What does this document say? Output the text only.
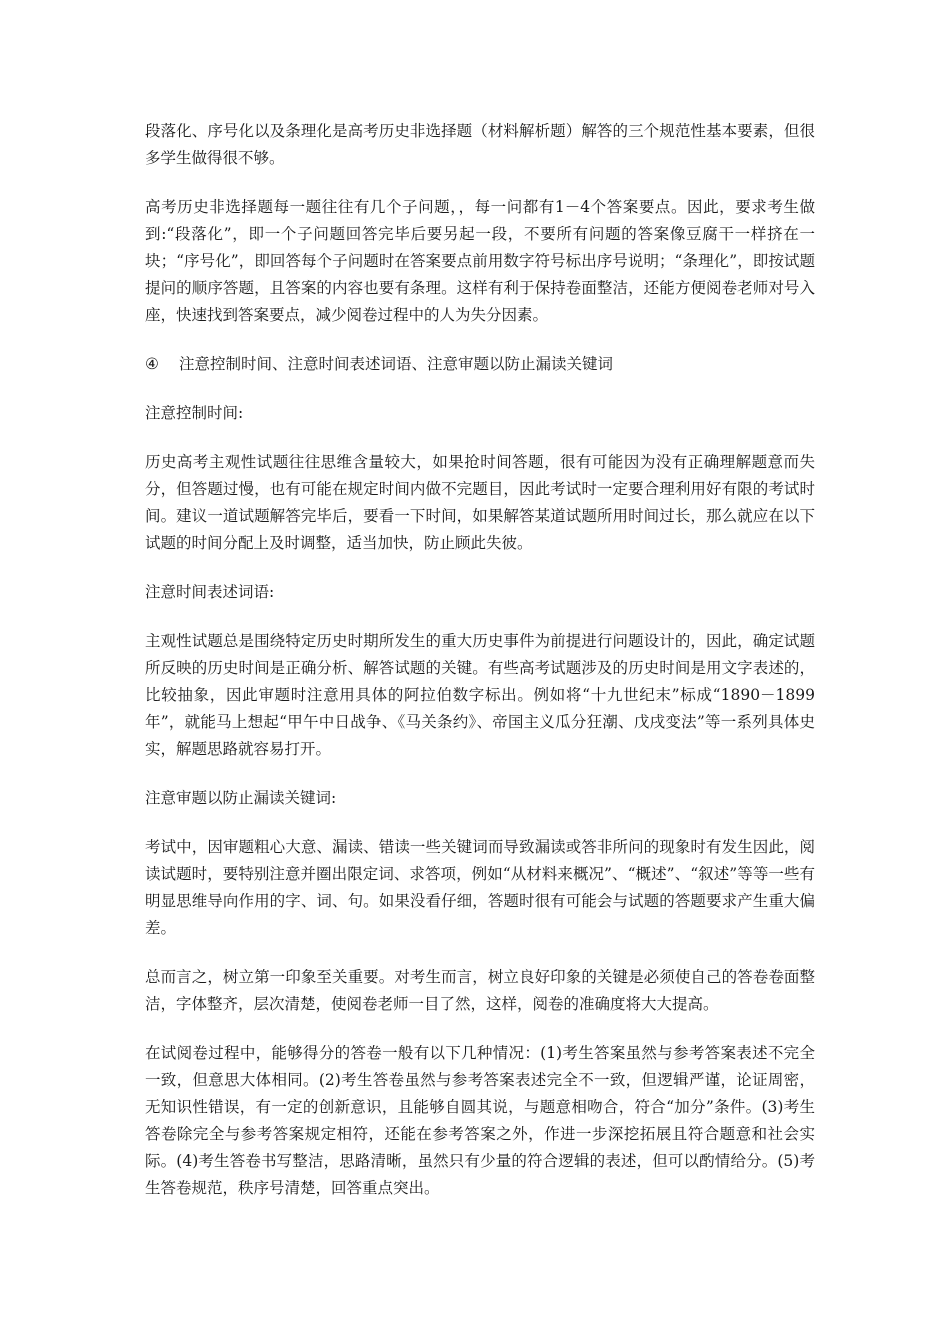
段落化、序号化以及条理化是高考历史非选择题（材料解析题）解答的三个规范性基本要素，但很多学生做得很不够。

高考历史非选择题每一题往往有几个子问题，，每一问都有1－4个答案要点。因此，要求考生做到:“段落化”，即一个子问题回答完毕后要另起一段，不要所有问题的答案像豆腐干一样挤在一块；“序号化”，即回答每个子问题时在答案要点前用数字符号标出序号说明；“条理化”，即按试题提问的顺序答题，且答案的内容也要有条理。这样有利于保持卷面整洁，还能方便阅卷老师对号入座，快速找到答案要点，减少阅卷过程中的人为失分因素。

④ 注意控制时间、注意时间表述词语、注意审题以防止漏读关键词

注意控制时间:

历史高考主观性试题往往思维含量较大，如果抢时间答题，很有可能因为没有正确理解题意而失分，但答题过慢，也有可能在规定时间内做不完题目，因此考试时一定要合理利用好有限的考试时间。建议一道试题解答完毕后，要看一下时间，如果解答某道试题所用时间过长，那么就应在以下试题的时间分配上及时调整，适当加快，防止顾此失彼。

注意时间表述词语:

主观性试题总是围绕特定历史时期所发生的重大历史事件为前提进行问题设计的，因此，确定试题所反映的历史时间是正确分析、解答试题的关键。有些高考试题涉及的历史时间是用文字表述的，比较抽象，因此审题时注意用具体的阿拉伯数字标出。例如将“十九世纪末”标成“1890－1899年”，就能马上想起“甲午中日战争、《马关条约》、帝国主义瓜分狂潮、戊戌变法”等一系列具体史实，解题思路就容易打开。

注意审题以防止漏读关键词:

考试中，因审题粗心大意、漏读、错读一些关键词而导致漏读或答非所问的现象时有发生因此，阅读试题时，要特别注意并圈出限定词、求答项，例如“从材料来概况”、“概述”、“叙述”等等一些有明显思维导向作用的字、词、句。如果没看仔细，答题时很有可能会与试题的答题要求产生重大偏差。

总而言之，树立第一印象至关重要。对考生而言，树立良好印象的关键是必须使自己的答卷卷面整洁，字体整齐，层次清楚，使阅卷老师一目了然，这样，阅卷的准确度将大大提高。

在试阅卷过程中，能够得分的答卷一般有以下几种情况：(1)考生答案虽然与参考答案表述不完全一致，但意思大体相同。(2)考生答卷虽然与参考答案表述完全不一致，但逻辑严谨，论证周密，无知识性错误，有一定的创新意识，且能够自圆其说，与题意相吻合，符合“加分”条件。(3)考生答卷除完全与参考答案规定相符，还能在参考答案之外，作进一步深挖拓展且符合题意和社会实际。(4)考生答卷书写整洁，思路清晰，虽然只有少量的符合逻辑的表述，但可以酌情给分。(5)考生答卷规范，秩序号清楚，回答重点突出。
